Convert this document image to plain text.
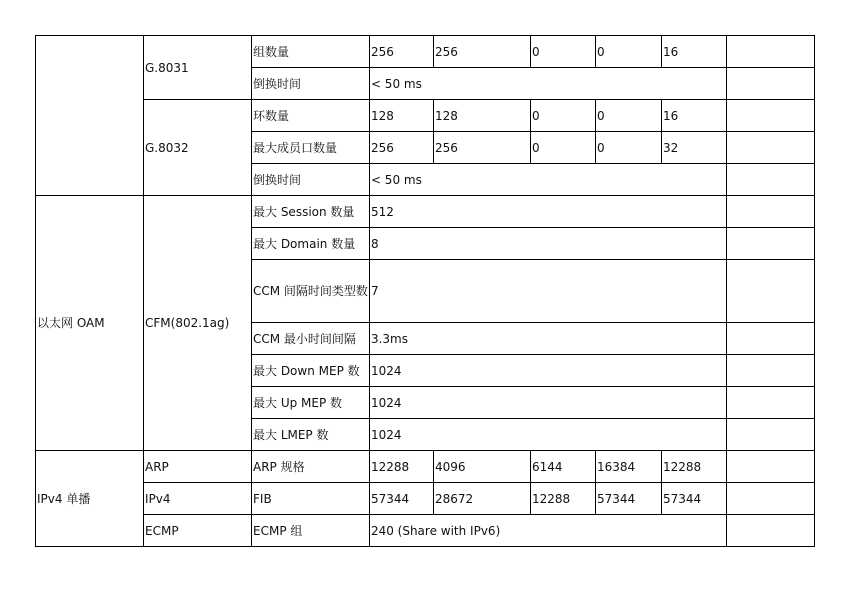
	G.8031	组数量	256	256	0	0	16	
		倒换时间	< 50 ms					
	G.8032	环数量	128	128	0	0	16	
		最大成员口数量	256	256	0	0	32	
		倒换时间	< 50 ms					
以太网 OAM	CFM(802.1ag)	最大 Session 数量	512					
		最大 Domain 数量	8					
		CCM 间隔时间类型数	7					
		CCM 最小时间间隔	3.3ms					
		最大 Down MEP 数	1024					
		最大 Up MEP 数	1024					
		最大 LMEP 数	1024					
IPv4 单播	ARP	ARP 规格	12288	4096	6144	16384	12288	
	IPv4	FIB	57344	28672	12288	57344	57344	
	ECMP	ECMP 组	240 (Share with IPv6)					
